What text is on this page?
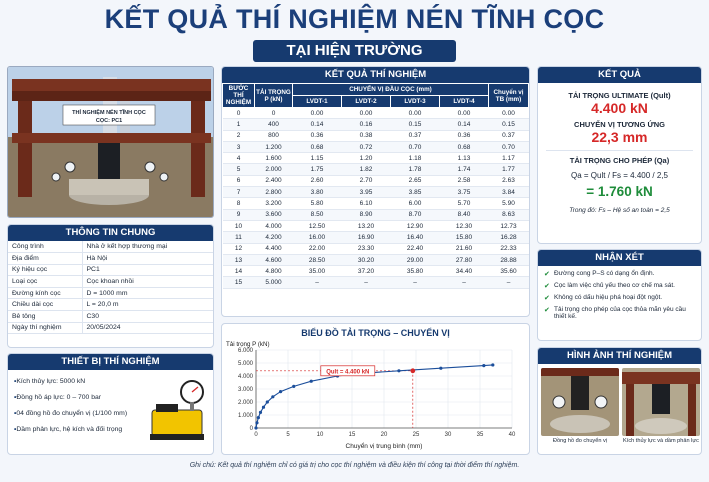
KẾT QUẢ THÍ NGHIỆM NÉN TĨNH CỌC
TẠI HIỆN TRƯỜNG
THÍ NGHIỆM NÉN TĨNH CỌC
CỌC: PC1
THÔNG TIN CHUNG
Công trình	Nhà ở kết hợp thương mại
Địa điểm	Hà Nội
Ký hiệu cọc	PC1
Loại cọc	Cọc khoan nhồi
Đường kính cọc	D = 1000 mm
Chiều dài cọc	L = 20,0 m
Bê tông	C30
Ngày thí nghiệm	20/05/2024
THIẾT BỊ THÍ NGHIỆM
• Kích thủy lực: 5000 kN
• Đồng hồ áp lực: 0 – 700 bar
• 04 đồng hồ đo chuyển vị (1/100 mm)
• Dầm phản lực, hệ kích và đối trọng
KẾT QUẢ THÍ NGHIỆM
BƯỚC THÍ NGHIỆM	TẢI TRỌNG P (kN)	CHUYỂN VỊ ĐẦU CỌC (mm)				Chuyển vị TB (mm)
		LVDT-1	LVDT-2	LVDT-3	LVDT-4	
0	0	0.00	0.00	0.00	0.00	0.00
1	400	0.14	0.16	0.15	0.14	0.15
2	800	0.36	0.38	0.37	0.36	0.37
3	1.200	0.68	0.72	0.70	0.68	0.70
4	1.600	1.15	1.20	1.18	1.13	1.17
5	2.000	1.75	1.82	1.78	1.74	1.77
6	2.400	2.60	2.70	2.65	2.58	2.63
7	2.800	3.80	3.95	3.85	3.75	3.84
8	3.200	5.80	6.10	6.00	5.70	5.90
9	3.600	8.50	8.90	8.70	8.40	8.63
10	4.000	12.50	13.20	12.90	12.30	12.73
11	4.200	16.00	16.90	16.40	15.80	16.28
12	4.400	22.00	23.30	22.40	21.60	22.33
13	4.600	28.50	30.20	29.00	27.80	28.88
14	4.800	35.00	37.20	35.80	34.40	35.60
15	5.000	–	–	–	–	–
BIỂU ĐỒ TẢI TRỌNG – CHUYỂN VỊ
0
1.000
2.000
3.000
4.000
5.000
6.000
0	5	10	15	20	25	30	35	40
Tải trọng P (kN)
Chuyển vị trung bình (mm)
Qult = 4.400 kN
KẾT QUẢ
TẢI TRỌNG ULTIMATE (Qult)
4.400 kN
CHUYỂN VỊ TƯƠNG ỨNG
22,3 mm
TẢI TRỌNG CHO PHÉP (Qa)
Qa = Qult / Fs = 4.400 / 2,5
= 1.760 kN
Trong đó: Fs – Hệ số an toàn = 2,5
NHẬN XÉT
✔ Đường cong P–S có dạng ổn định.
✔ Cọc làm việc chủ yếu theo cơ chế ma sát.
✔ Không có dấu hiệu phá hoại đột ngột.
✔ Tải trọng cho phép của cọc thỏa mãn yêu cầu thiết kế.
HÌNH ẢNH THÍ NGHIỆM
Đồng hồ đo chuyển vị	Kích thủy lực và dầm phản lực
Ghi chú: Kết quả thí nghiệm chỉ có giá trị cho cọc thí nghiệm và điều kiện thí công tại thời điểm thí nghiệm.
